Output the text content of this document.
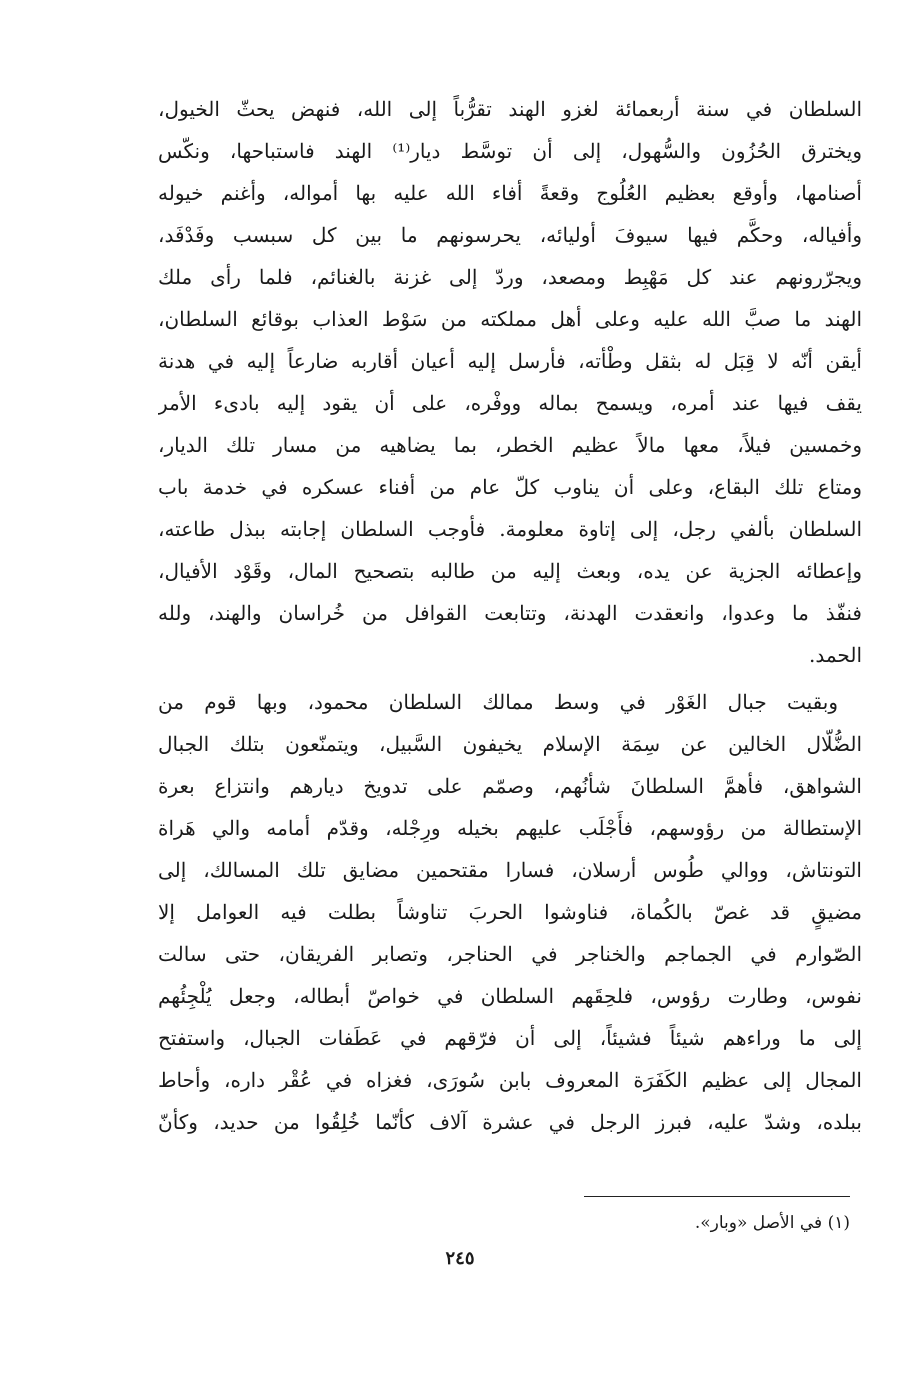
السلطان في سنة أربعمائة لغزو الهند تقرُّباً إلى الله، فنهض يحثّ الخيول،
ويخترق الحُزُون والسُّهول، إلى أن توسَّط ديار⁽¹⁾ الهند فاستباحها، ونكّس
أصنامها، وأوقع بعظيم العُلُوج وقعةً أفاء الله عليه بها أمواله، وأغنم خيوله
وأفياله، وحكَّم فيها سيوفَ أوليائه، يحرسونهم ما بين كل سبسب وفَدْفَد،
ويجرّرونهم عند كل مَهْبِط ومصعد، وردّ إلى غزنة بالغنائم، فلما رأى ملك
الهند ما صبَّ الله عليه وعلى أهل مملكته من سَوْط العذاب بوقائع السلطان،
أيقن أنّه لا قِبَل له بثقل وطْأته، فأرسل إليه أعيان أقاربه ضارعاً إليه في هدنة
يقف فيها عند أمره، ويسمح بماله ووفْره، على أن يقود إليه بادىء الأمر
وخمسين فيلاً، معها مالاً عظيم الخطر، بما يضاهيه من مسار تلك الديار،
ومتاع تلك البقاع، وعلى أن يناوب كلّ عام من أفناء عسكره في خدمة باب
السلطان بألفي رجل، إلى إتاوة معلومة. فأوجب السلطان إجابته ببذل طاعته،
وإعطائه الجزية عن يده، وبعث إليه من طالبه بتصحيح المال، وقَوْد الأفيال،
فنفّذ ما وعدوا، وانعقدت الهدنة، وتتابعت القوافل من خُراسان والهند، ولله
الحمد.
وبقيت جبال الغَوْر في وسط ممالك السلطان محمود، وبها قوم من
الضُّلّال الخالين عن سِمَة الإسلام يخيفون السَّبيل، ويتمنّعون بتلك الجبال
الشواهق، فأهمَّ السلطانَ شأنُهم، وصمّم على تدويخ ديارهم وانتزاع بعرة
الإستطالة من رؤوسهم، فأَجْلَب عليهم بخيله ورِجْله، وقدّم أمامه والي هَراة
التونتاش، ووالي طُوس أرسلان، فسارا مقتحمين مضايق تلك المسالك، إلى
مضيقٍ قد غصّ بالكُماة، فناوشوا الحربَ تناوشاً بطلت فيه العوامل إلا
الصّوارم في الجماجم والخناجر في الحناجر، وتصابر الفريقان، حتى سالت
نفوس، وطارت رؤوس، فلحِقَهم السلطان في خواصّ أبطاله، وجعل يُلْجِئُهم
إلى ما وراءهم شيئاً فشيئاً، إلى أن فرّقهم في عَطَفات الجبال، واستفتح
المجال إلى عظيم الكَفَرَة المعروف بابن سُورَى، فغزاه في عُقْر داره، وأحاط
ببلده، وشدّ عليه، فبرز الرجل في عشرة آلاف كأنّما خُلِقُوا من حديد، وكأنّ
(١) في الأصل «وبار».
٢٤٥
